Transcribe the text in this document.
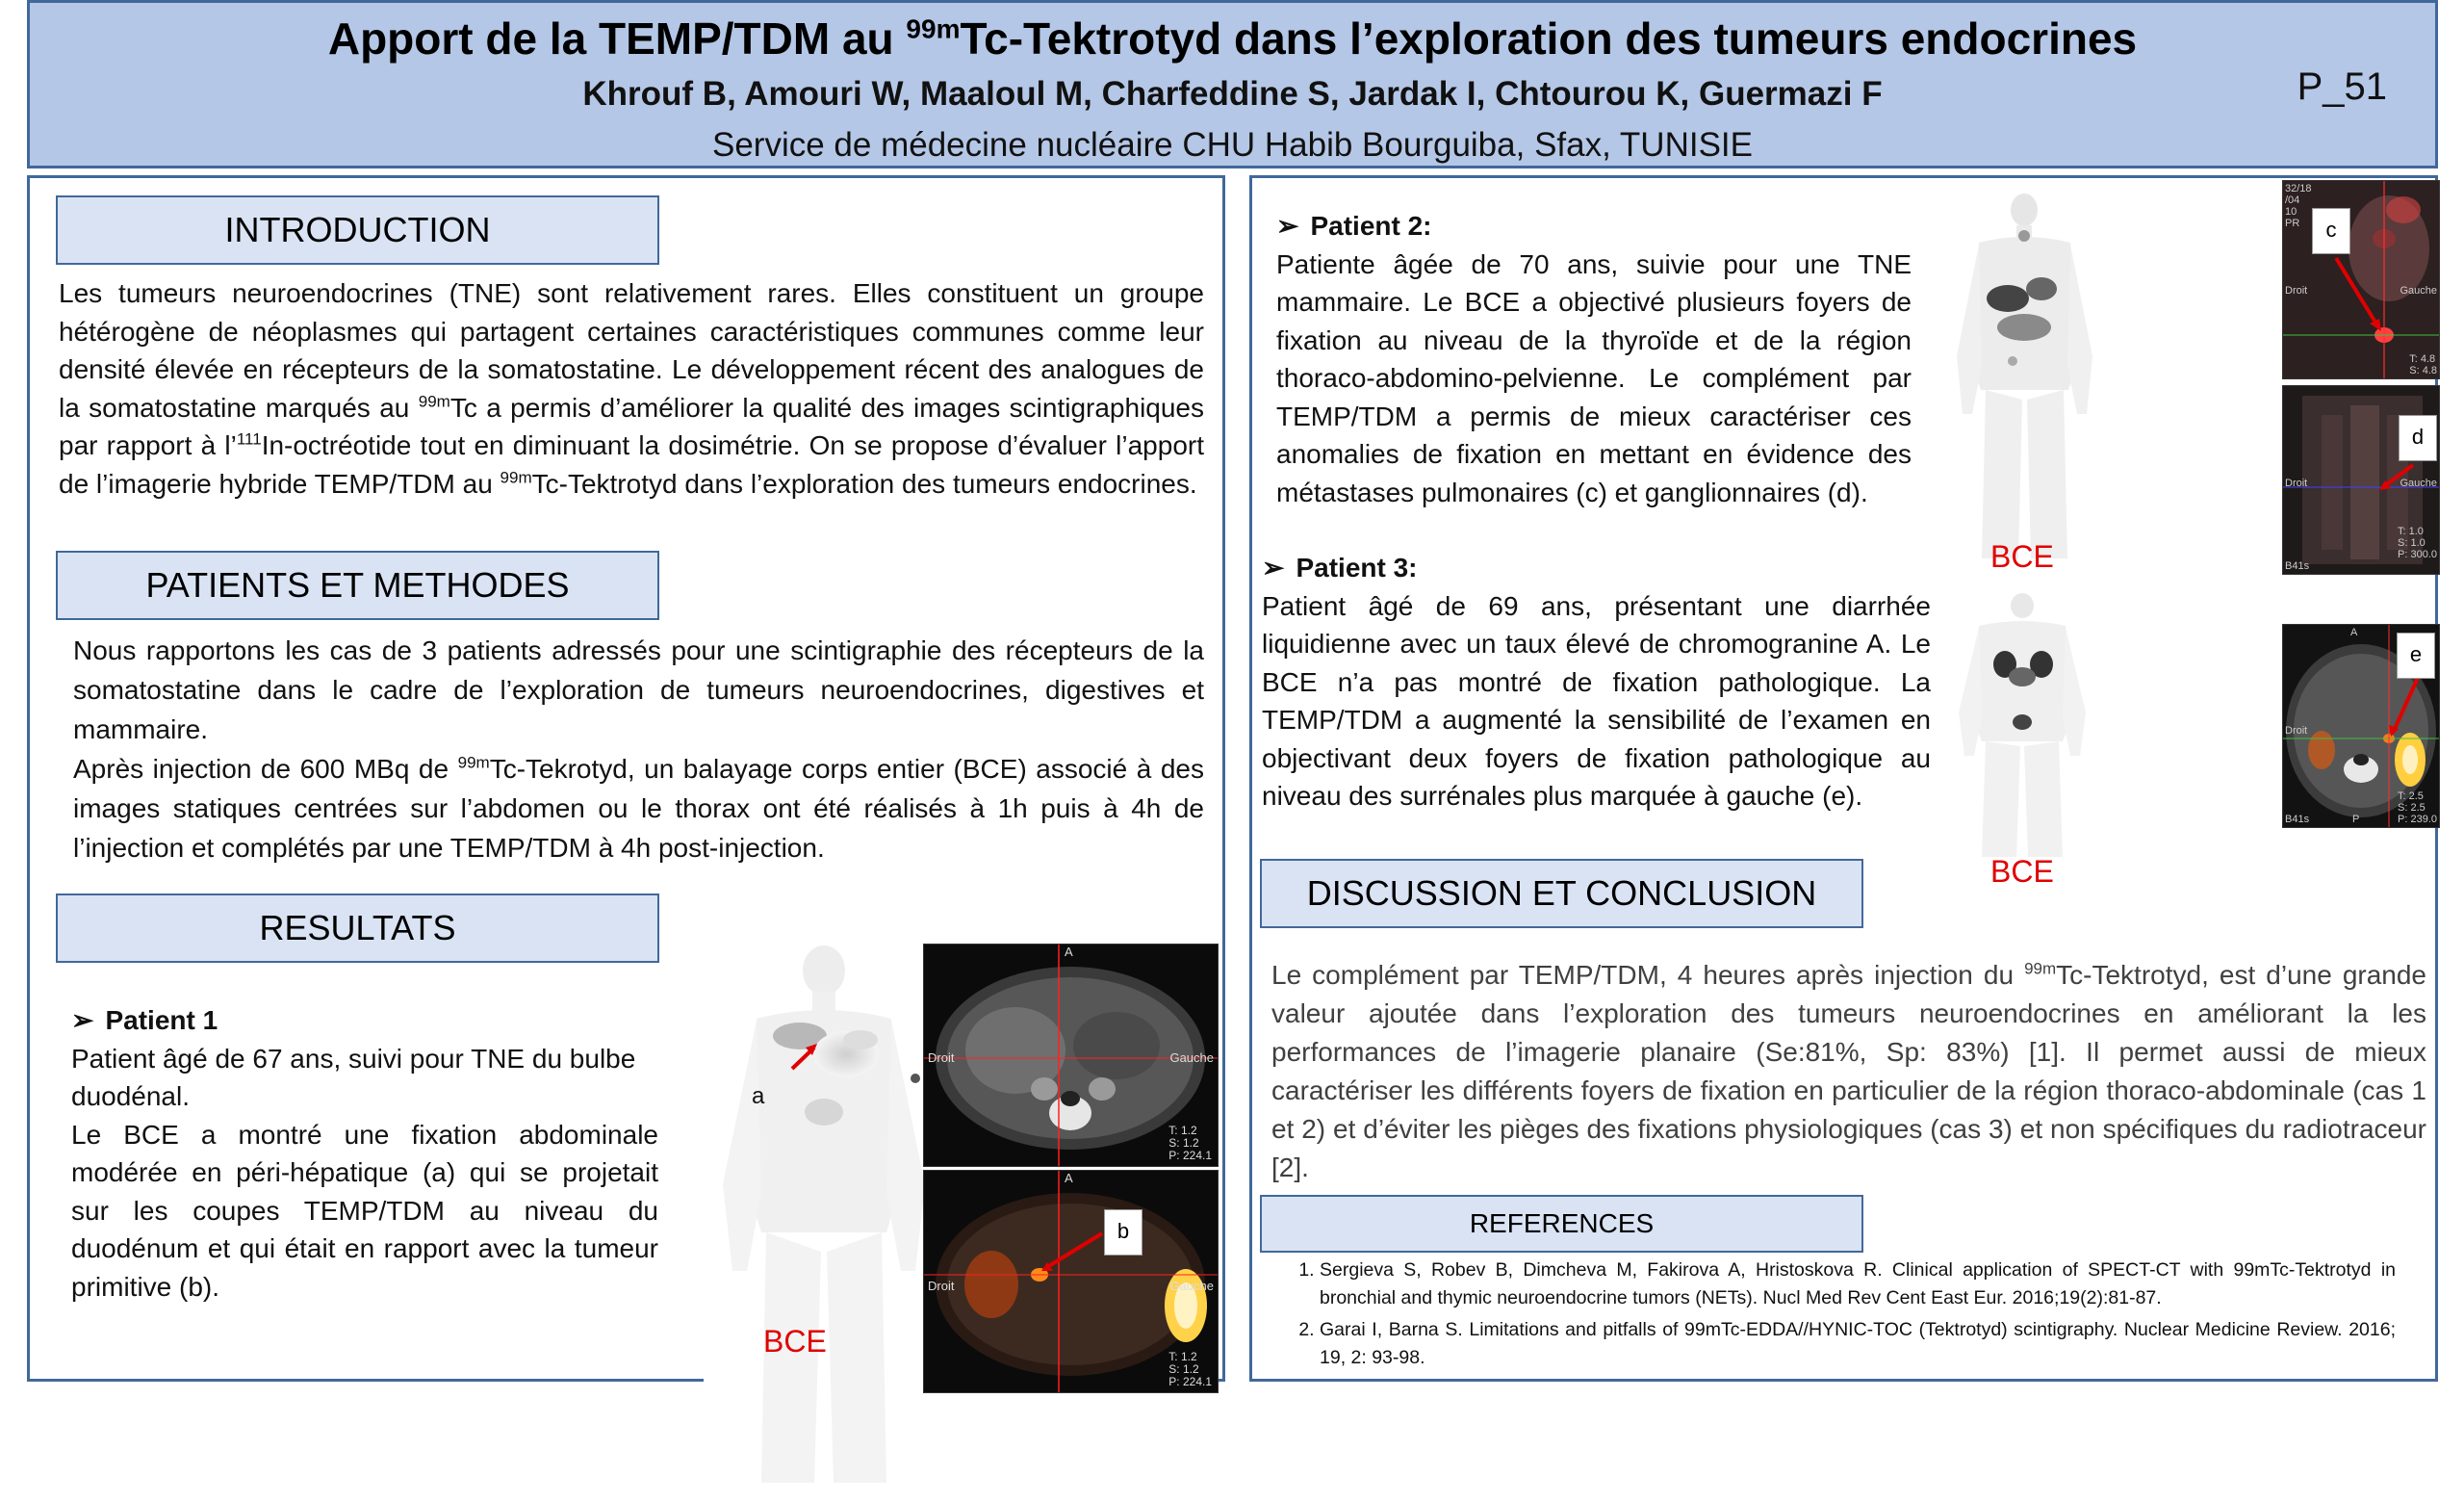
Apport de la TEMP/TDM au $^{99m}$Tc-Tektrotyd dans l’exploration des tumeurs endocrines
Khrouf B, Amouri W, Maaloul M, Charfeddine S, Jardak I, Chtourou K, Guermazi F
Service de médecine nucléaire CHU Habib Bourguiba, Sfax, TUNISIE
P_51
INTRODUCTION

Les tumeurs neuroendocrines (TNE) sont relativement rares. Elles constituent un groupe hétérogène de néoplasmes qui partagent certaines caractéristiques communes comme leur densité élevée en récepteurs de la somatostatine. Le développement récent des analogues de la somatostatine marqués au $^{99m}$Tc a permis d’améliorer la qualité des images scintigraphiques par rapport à l’$^{111}$In-octréotide tout en diminuant la dosimétrie. On se propose d’évaluer l’apport de l’imagerie hybride TEMP/TDM au $^{99m}$Tc-Tektrotyd dans l’exploration des tumeurs endocrines.

PATIENTS ET METHODES

Nous rapportons les cas de 3 patients adressés pour une scintigraphie des récepteurs de la somatostatine dans le cadre de l’exploration de tumeurs neuroendocrines, digestives et mammaire.

Après injection de 600 MBq de $^{99m}$Tc-Tekrotyd, un balayage corps entier (BCE) associé à des images statiques centrées sur l’abdomen ou le thorax ont été réalisés à 1h puis à 4h de l’injection et complétés par une TEMP/TDM à 4h post-injection.

RESULTATS

➢ Patient 1

Patient âgé de 67 ans, suivi pour TNE du bulbe duodénal.

Le BCE a montré une fixation abdominale modérée en péri-hépatique (a) qui se projetait sur les coupes TEMP/TDM au niveau du duodénum et qui était en rapport avec la tumeur primitive (b).

a
BCE
A
Droit	Gauche
T: 1.2
S: 1.2
P: 224.1
b
A
Droit	Gauche
T: 1.2
S: 1.2
P: 224.1

➢ Patient 2:

Patiente âgée de 70 ans, suivie pour une TNE mammaire. Le BCE a objectivé plusieurs foyers de fixation au niveau de la thyroïde et de la région thoraco-abdomino-pelvienne. Le complément par TEMP/TDM a permis de mieux caractériser ces anomalies de fixation en mettant en évidence des métastases pulmonaires (c) et ganglionnaires (d).

BCE
c
32/18
/04
10
PR
Droit	Gauche
T: 4.8
S: 4.8
d
Droit	Gauche
T: 1.0
S: 1.0
P: 300.0
B41s

➢ Patient 3:

Patient âgé de 69 ans, présentant une diarrhée liquidienne avec un taux élevé de chromogranine A. Le BCE n’a pas montré de fixation pathologique. La TEMP/TDM a augmenté la sensibilité de l’examen en objectivant deux foyers de fixation pathologique au niveau des surrénales plus marquée à gauche (e).

BCE
e
A
Droit
P
T: 2.5
S: 2.5
P: 239.0
B41s
DISCUSSION ET CONCLUSION

Le complément par TEMP/TDM, 4 heures après injection du $^{99m}$Tc-Tektrotyd, est d’une grande valeur ajoutée dans l’exploration des tumeurs neuroendocrines en améliorant la les performances de l’imagerie planaire (Se:81%, Sp: 83%) [1]. Il permet aussi de mieux caractériser les différents foyers de fixation en particulier de la région thoraco-abdominale (cas 1 et 2) et d’éviter les pièges des fixations physiologiques (cas 3) et non spécifiques du radiotraceur [2].

REFERENCES
1. Sergieva S, Robev B, Dimcheva M, Fakirova A, Hristoskova R. Clinical application of SPECT-CT with 99mTc-Tektrotyd in bronchial and thymic neuroendocrine tumors (NETs). Nucl Med Rev Cent East Eur. 2016;19(2):81-87.
2. Garai I, Barna S. Limitations and pitfalls of 99mTc-EDDA//HYNIC-TOC (Tektrotyd) scintigraphy. Nuclear Medicine Review. 2016; 19, 2: 93-98.
